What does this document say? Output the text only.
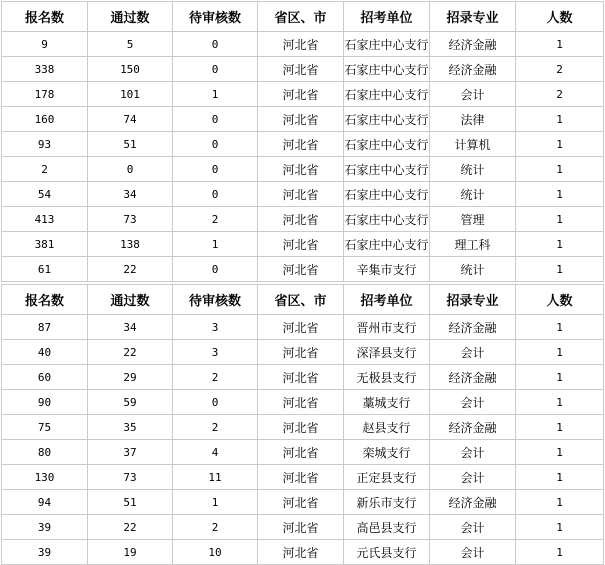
报名数	通过数	待审核数	省区、市	招考单位	招录专业	人数
9	5	0	河北省	石家庄中心支行	经济金融	1
338	150	0	河北省	石家庄中心支行	经济金融	2
178	101	1	河北省	石家庄中心支行	会计	2
160	74	0	河北省	石家庄中心支行	法律	1
93	51	0	河北省	石家庄中心支行	计算机	1
2	0	0	河北省	石家庄中心支行	统计	1
54	34	0	河北省	石家庄中心支行	统计	1
413	73	2	河北省	石家庄中心支行	管理	1
381	138	1	河北省	石家庄中心支行	理工科	1
61	22	0	河北省	辛集市支行	统计	1
报名数	通过数	待审核数	省区、市	招考单位	招录专业	人数
87	34	3	河北省	晋州市支行	经济金融	1
40	22	3	河北省	深泽县支行	会计	1
60	29	2	河北省	无极县支行	经济金融	1
90	59	0	河北省	藁城支行	会计	1
75	35	2	河北省	赵县支行	经济金融	1
80	37	4	河北省	栾城支行	会计	1
130	73	11	河北省	正定县支行	会计	1
94	51	1	河北省	新乐市支行	经济金融	1
39	22	2	河北省	高邑县支行	会计	1
39	19	10	河北省	元氏县支行	会计	1
